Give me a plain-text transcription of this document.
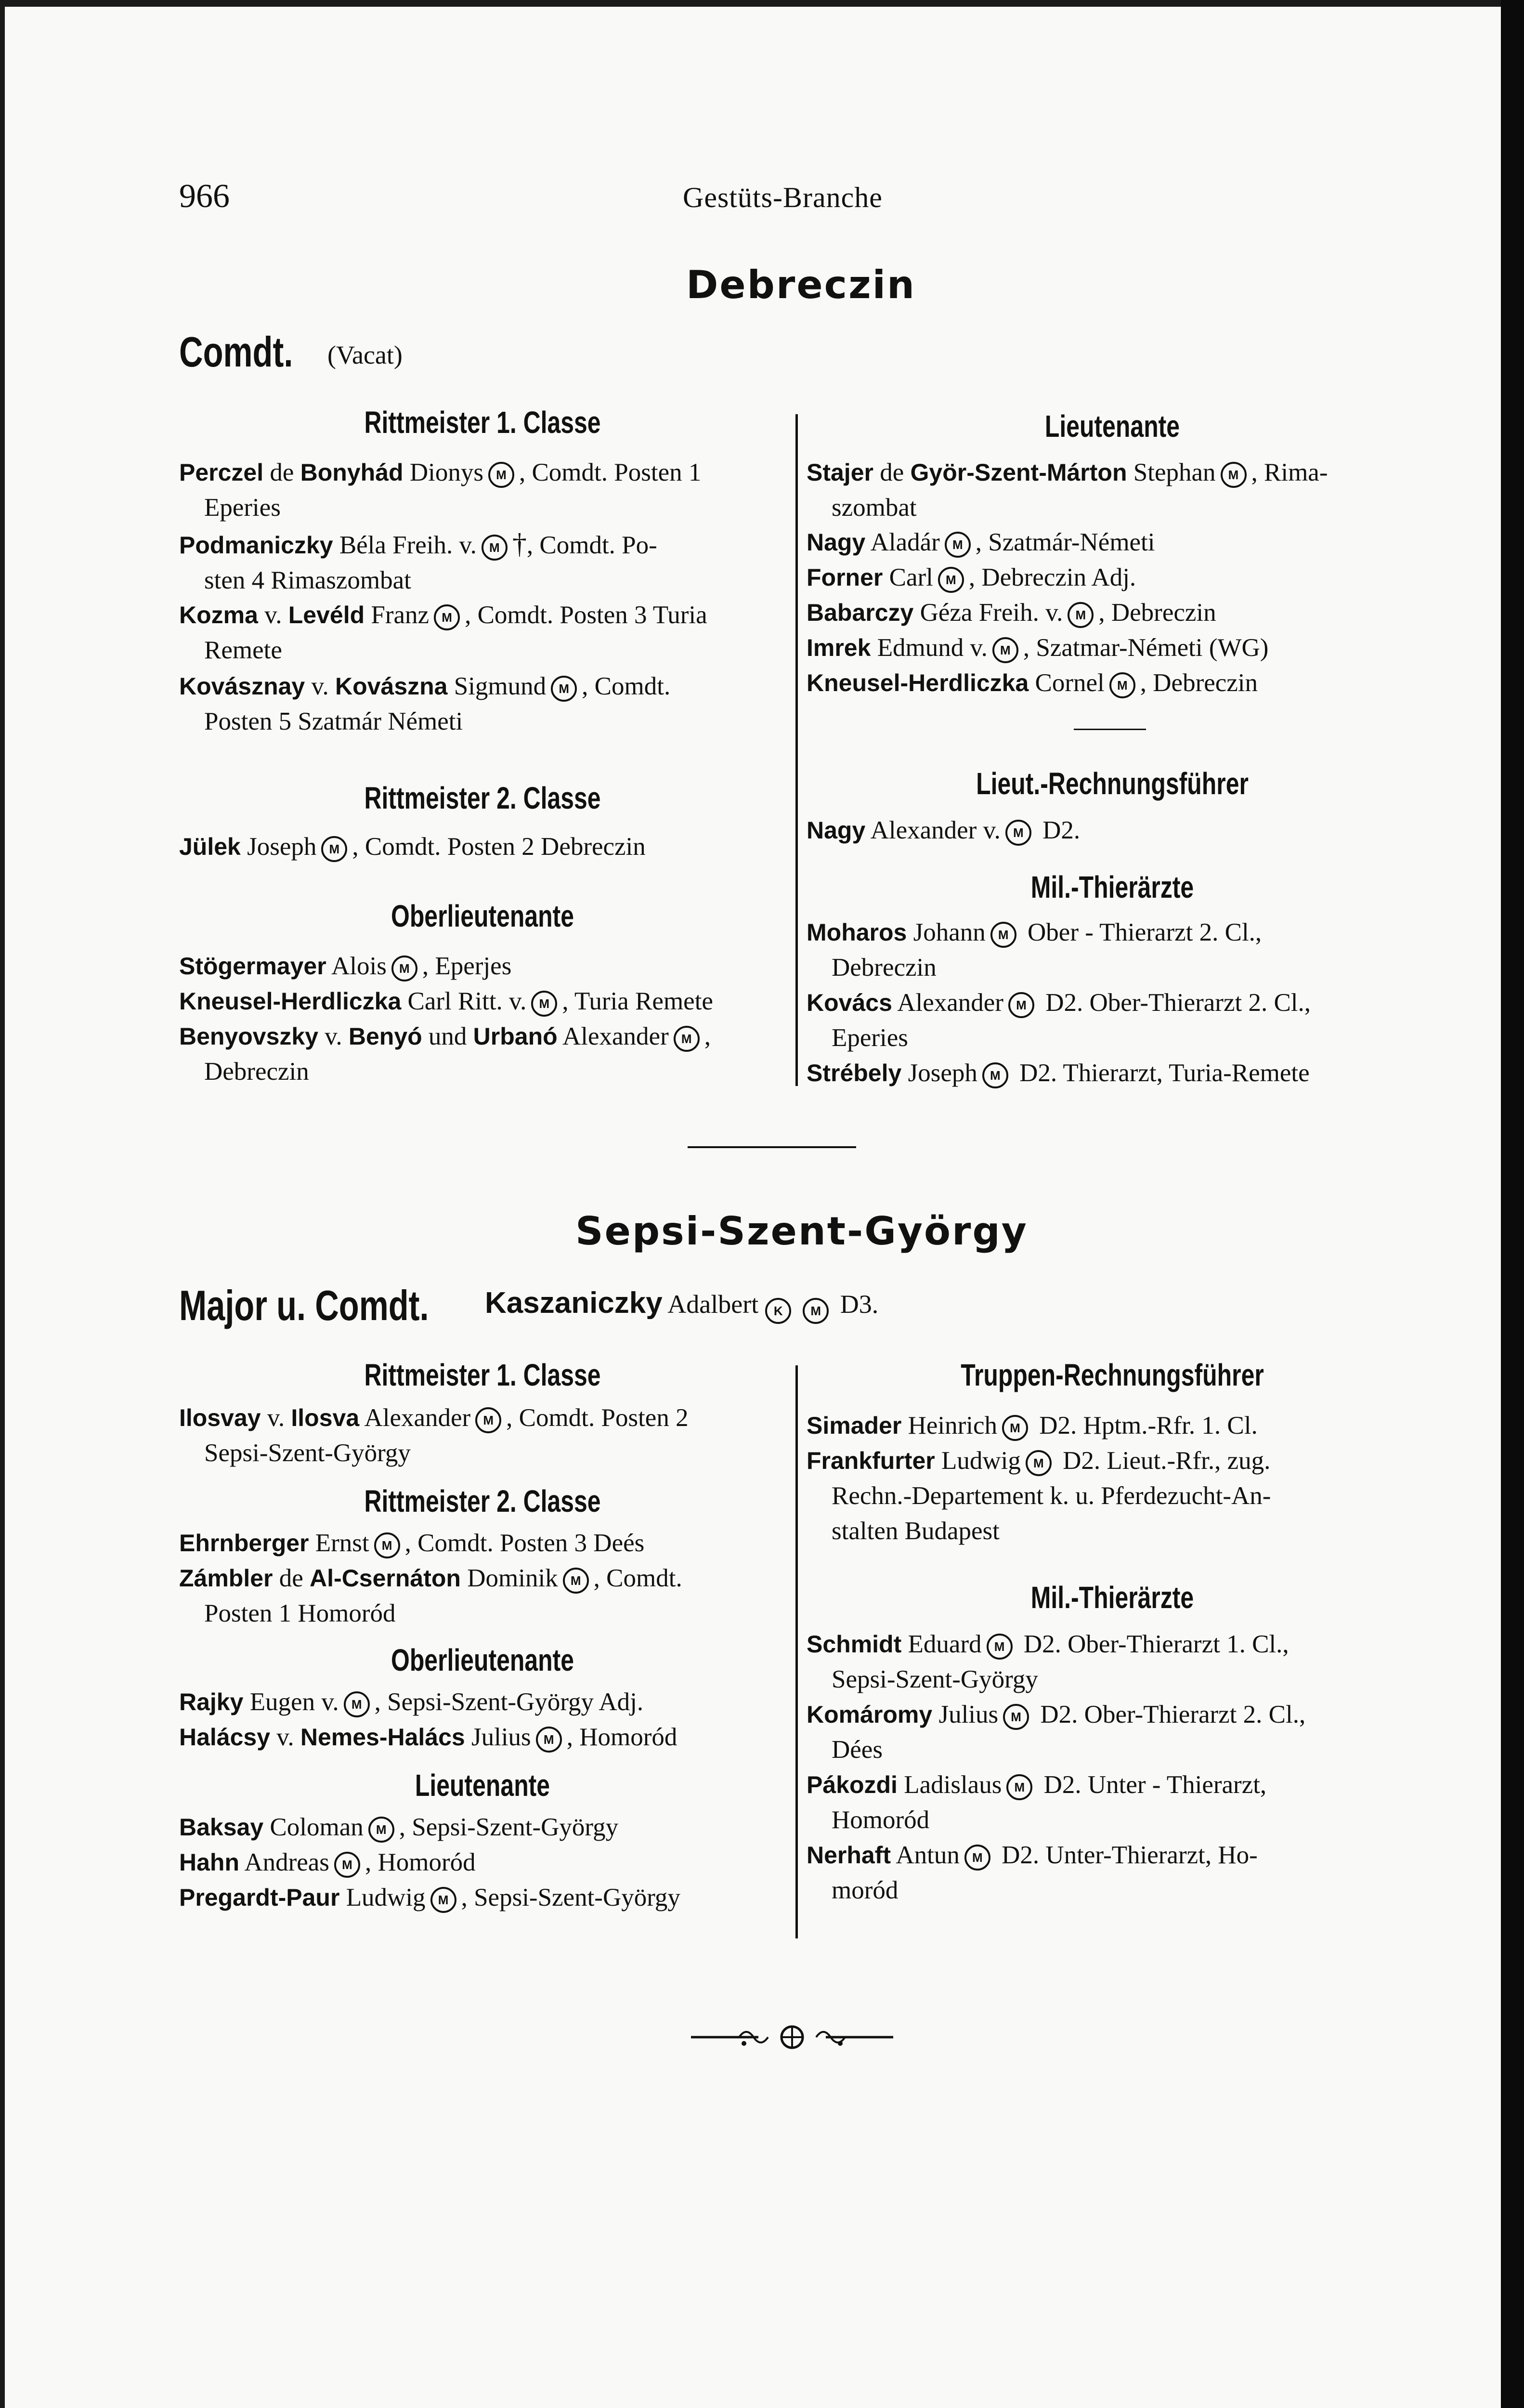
966	Gestüts-Branche
Debreczin
Comdt. (Vacat)
Rittmeister 1. Classe
Perczel de Bonyhád Dionys M , Comdt. Posten 1
Eperies
Podmaniczky Béla Freih. v. M †, Comdt. Po-
sten 4 Rimaszombat
Kozma v. Levéld Franz M , Comdt. Posten 3 Turia
Remete
Kovásznay v. Kovászna Sigmund M , Comdt.
Posten 5 Szatmár Németi
Rittmeister 2. Classe
Jülek Joseph M , Comdt. Posten 2 Debreczin
Oberlieutenante
Stögermayer Alois M , Eperjes
Kneusel-Herdliczka Carl Ritt. v. M , Turia Remete
Benyovszky v. Benyó und Urbanó Alexander M ,
Debreczin
Lieutenante
Stajer de Györ-Szent-Márton Stephan M , Rima-
szombat
Nagy Aladár M , Szatmár-Németi
Forner Carl M , Debreczin Adj.
Babarczy Géza Freih. v. M , Debreczin
Imrek Edmund v. M , Szatmar-Németi (WG)
Kneusel-Herdliczka Cornel M , Debreczin
Lieut.-Rechnungsführer
Nagy Alexander v. M D2.
Mil.-Thierärzte
Moharos Johann M Ober - Thierarzt 2. Cl.,
Debreczin
Kovács Alexander M D2. Ober-Thierarzt 2. Cl.,
Eperies
Strébely Joseph M D2. Thierarzt, Turia-Remete
Sepsi-Szent-György
Major u. Comdt. Kaszaniczky Adalbert K M D3.
Rittmeister 1. Classe
Ilosvay v. Ilosva Alexander M , Comdt. Posten 2
Sepsi-Szent-György
Rittmeister 2. Classe
Ehrnberger Ernst M , Comdt. Posten 3 Deés
Zámbler de Al-Csernáton Dominik M , Comdt.
Posten 1 Homoród
Oberlieutenante
Rajky Eugen v. M , Sepsi-Szent-György Adj.
Halácsy v. Nemes-Halács Julius M , Homoród
Lieutenante
Baksay Coloman M , Sepsi-Szent-György
Hahn Andreas M , Homoród
Pregardt-Paur Ludwig M , Sepsi-Szent-György
Truppen-Rechnungsführer
Simader Heinrich M D2. Hptm.-Rfr. 1. Cl.
Frankfurter Ludwig M D2. Lieut.-Rfr., zug.
Rechn.-Departement k. u. Pferdezucht-An-
stalten Budapest
Mil.-Thierärzte
Schmidt Eduard M D2. Ober-Thierarzt 1. Cl.,
Sepsi-Szent-György
Komáromy Julius M D2. Ober-Thierarzt 2. Cl.,
Dées
Pákozdi Ladislaus M D2. Unter - Thierarzt,
Homoród
Nerhaft Antun M D2. Unter-Thierarzt, Ho-
moród
